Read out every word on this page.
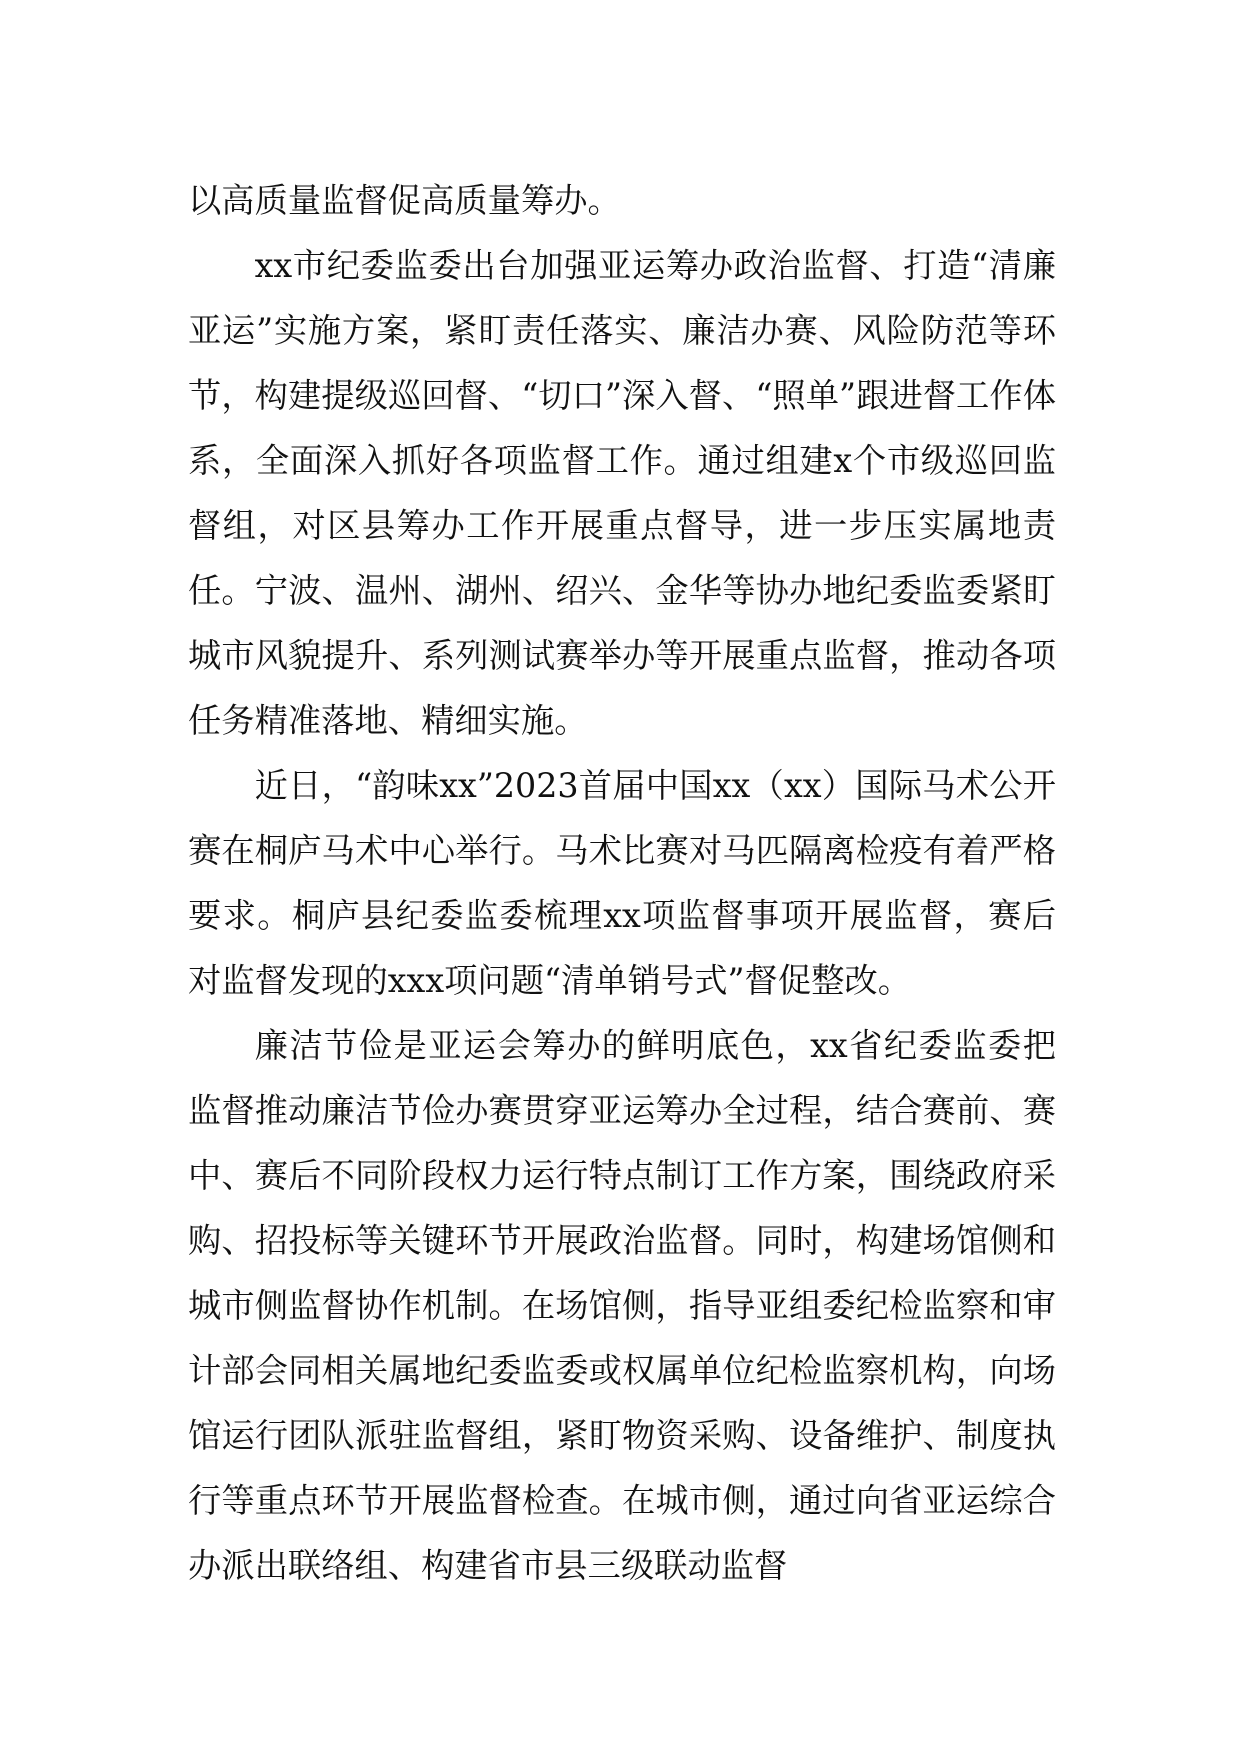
以高质量监督促高质量筹办。

xx市纪委监委出台加强亚运筹办政治监督、打造“清廉亚运”实施方案，紧盯责任落实、廉洁办赛、风险防范等环节，构建提级巡回督、“切口”深入督、“照单”跟进督工作体系，全面深入抓好各项监督工作。通过组建x个市级巡回监督组，对区县筹办工作开展重点督导，进一步压实属地责任。宁波、温州、湖州、绍兴、金华等协办地纪委监委紧盯城市风貌提升、系列测试赛举办等开展重点监督，推动各项任务精准落地、精细实施。

近日，“韵味xx”2023首届中国xx（xx）国际马术公开赛在桐庐马术中心举行。马术比赛对马匹隔离检疫有着严格要求。桐庐县纪委监委梳理xx项监督事项开展监督，赛后对监督发现的xxx项问题“清单销号式”督促整改。

廉洁节俭是亚运会筹办的鲜明底色，xx省纪委监委把监督推动廉洁节俭办赛贯穿亚运筹办全过程，结合赛前、赛中、赛后不同阶段权力运行特点制订工作方案，围绕政府采购、招投标等关键环节开展政治监督。同时，构建场馆侧和城市侧监督协作机制。在场馆侧，指导亚组委纪检监察和审计部会同相关属地纪委监委或权属单位纪检监察机构，向场馆运行团队派驻监督组，紧盯物资采购、设备维护、制度执行等重点环节开展监督检查。在城市侧，通过向省亚运综合办派出联络组、构建省市县三级联动监督
